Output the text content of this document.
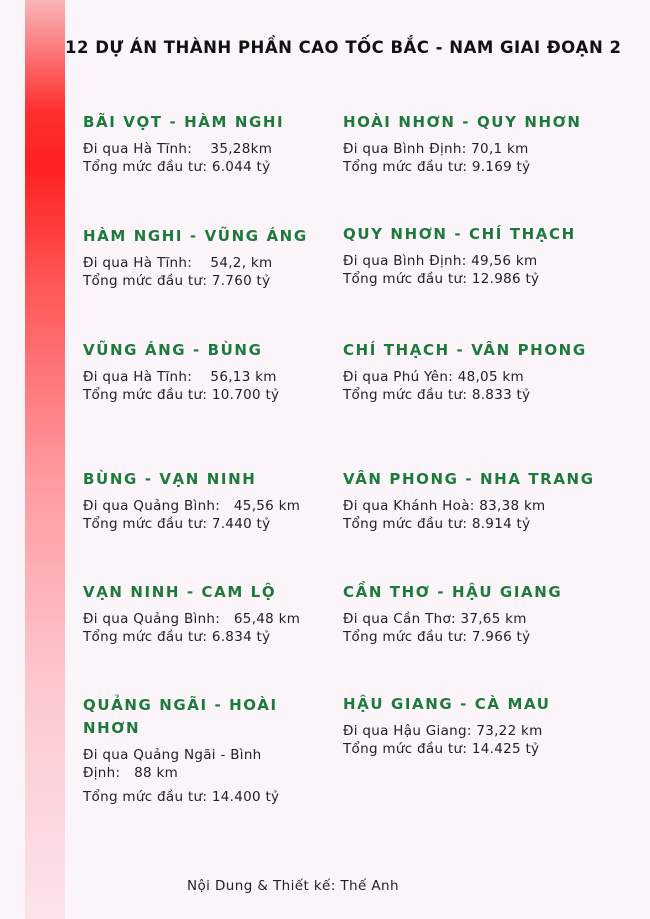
12 DỰ ÁN THÀNH PHẦN CAO TỐC BẮC - NAM GIAI ĐOẠN 2
BÃI VỌT - HÀM NGHI
Đi qua Hà Tĩnh:    35,28km
Tổng mức đầu tư: 6.044 tỷ
HÀM NGHI - VŨNG ÁNG
Đi qua Hà Tĩnh:    54,2, km
Tổng mức đầu tư: 7.760 tỷ
VŨNG ÁNG - BÙNG
Đi qua Hà Tĩnh:    56,13 km
Tổng mức đầu tư: 10.700 tỷ
BÙNG - VẠN NINH
Đi qua Quảng Bình:   45,56 km
Tổng mức đầu tư: 7.440 tỷ
VẠN NINH - CAM LỘ
Đi qua Quảng Bình:   65,48 km
Tổng mức đầu tư: 6.834 tỷ
QUẢNG NGÃI - HOÀI
NHƠN
Đi qua Quảng Ngãi - Bình
Định:   88 km
Tổng mức đầu tư: 14.400 tỷ
HOÀI NHƠN - QUY NHƠN
Đi qua Bình Định: 70,1 km
Tổng mức đầu tư: 9.169 tỷ
QUY NHƠN - CHÍ THẠCH
Đi qua Bình Định: 49,56 km
Tổng mức đầu tư: 12.986 tỷ
CHÍ THẠCH - VÂN PHONG
Đi qua Phú Yên: 48,05 km
Tổng mức đầu tư: 8.833 tỷ
VÂN PHONG - NHA TRANG
Đi qua Khánh Hoà: 83,38 km
Tổng mức đầu tư: 8.914 tỷ
CẦN THƠ - HẬU GIANG
Đi qua Cần Thơ: 37,65 km
Tổng mức đầu tư: 7.966 tỷ
HẬU GIANG - CÀ MAU
Đi qua Hậu Giang: 73,22 km
Tổng mức đầu tư: 14.425 tỷ
Nội Dung & Thiết kế: Thế Anh
